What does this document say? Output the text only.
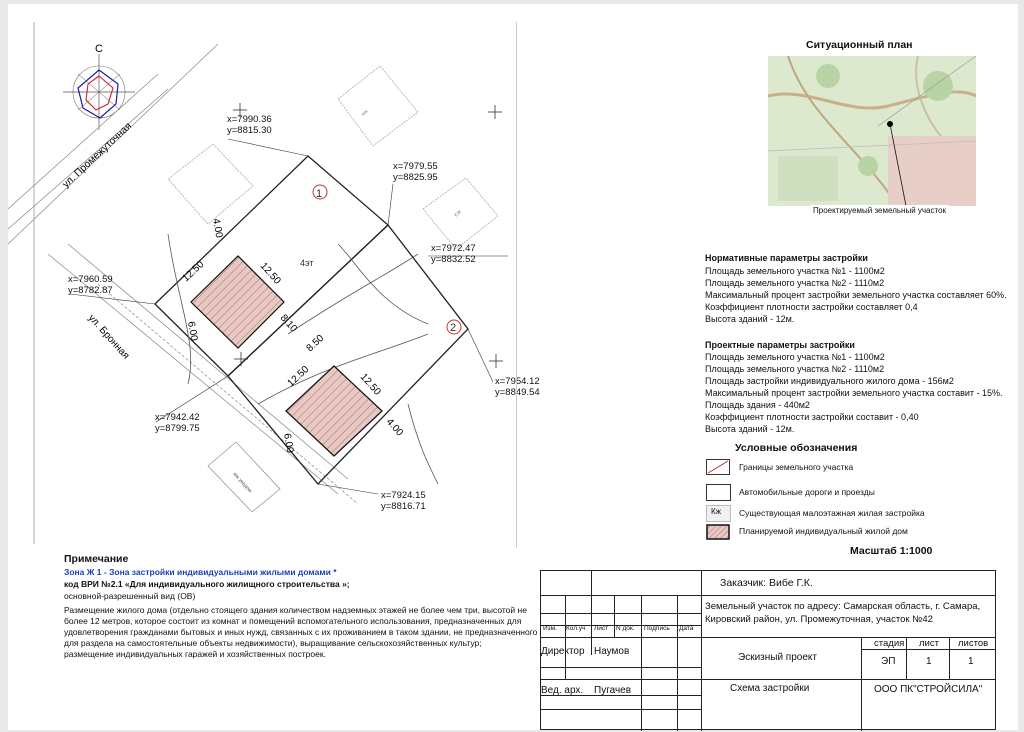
С
ул. Промежуточная
ул. Бронная
мж
КЖ
мж уведом
1
2
4эт
4.00
12.50	12.50
6.00	8.10
8.50
12.50	12.50
6.00
4.00
x=7990.36
y=8815.30
x=7979.55
y=8825.95
x=7972.47
y=8832.52
x=7960.59
y=8782.87
x=7954.12
y=8849.54
x=7942.42
y=8799.75
x=7924.15
y=8816.71
Ситуационный план
Проектируемый земельный участок
Нормативные параметры застройки
Площадь земельного участка №1 - 1100м2
Площадь земельного участка №2 - 1110м2
Максимальный процент застройки земельного участка составляет 60%.
Коэффициент плотности застройки составляет 0,4
Высота зданий - 12м.
Проектные параметры застройки
Площадь земельного участка №1 - 1100м2
Площадь земельного участка №2 - 1110м2
Площадь застройки индивидуального жилого дома - 156м2
Максимальный процент застройки земельного участка составит - 15%.
Площадь здания - 440м2
Коэффициент плотности застройки составит - 0,40
Высота зданий - 12м.
Условные обозначения
Границы земельного участка
Автомобильные дороги и проезды
Кж Существующая малоэтажная жилая застройка
Планируемой индивидуальный жилой дом
Масштаб 1:1000
Примечание
Зона Ж 1 - Зона застройки индивидуальными жилыми домами *
код ВРИ №2.1 «Для индивидуального жилищного строительства »;
основной-разрешенный вид (ОВ)
Размещение жилого дома (отдельно стоящего здания количеством надземных этажей не более чем три, высотой не
более 12 метров, которое состоит из комнат и помещений вспомогательного использования, предназначенных для
удовлетворения гражданами бытовых и иных нужд, связанных с их проживанием в таком здании, не предназначенного
для раздела на самостоятельные объекты недвижимости), выращивание сельскохозяйственных культур;
размещение индивидуальных гаражей и хозяйственных построек.
Заказчик: Вибе Г.К.
Земельный участок по адресу: Самарская область, г. Самара,
Кировский район, ул. Промежуточная, участок №42
Изм. Кол.уч Лист N док. Подпись Дата
Директор Наумов
Вед. арх. Пугачев
Эскизный проект
Схема застройки
стадия лист листов
ЭП	1	1
ООО ПК"СТРОЙСИЛА"
